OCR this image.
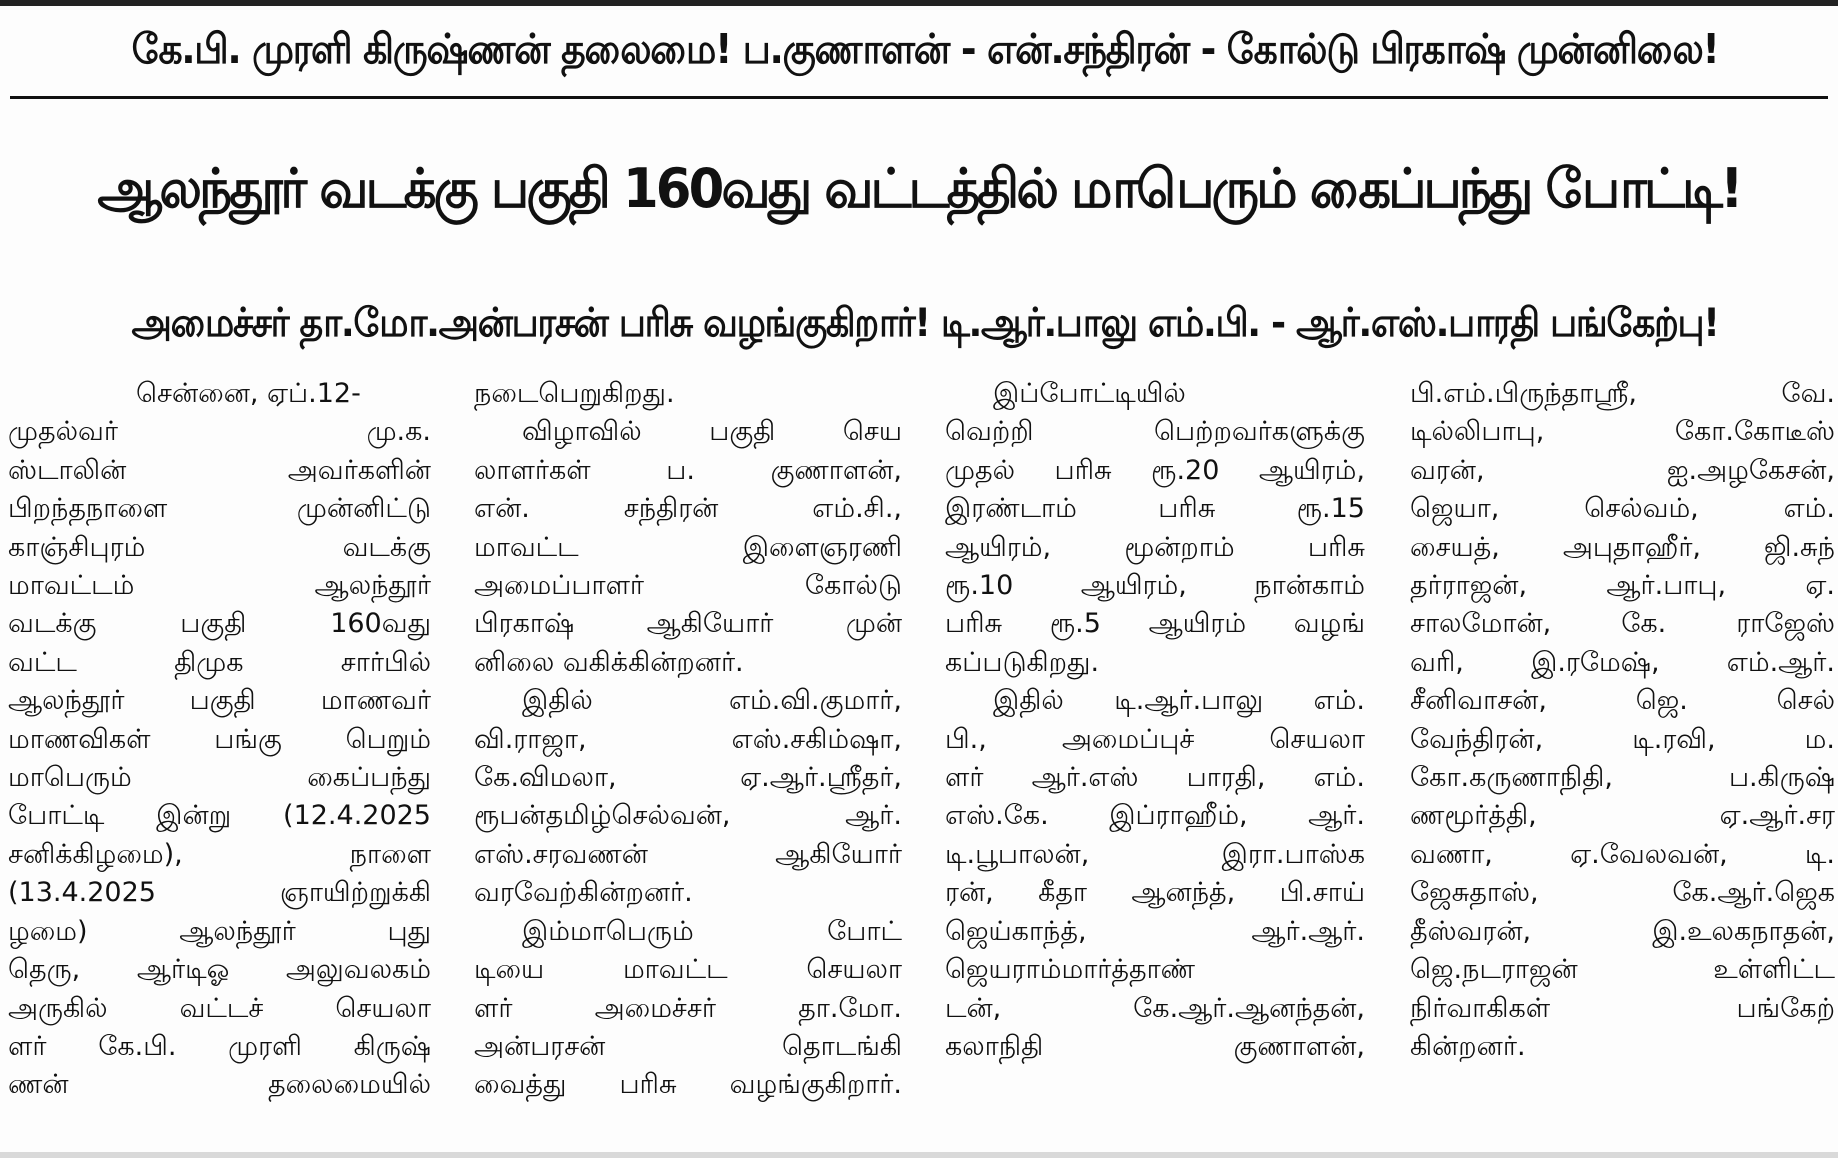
கே.பி. முரளி கிருஷ்ணன் தலைமை! ப.குணாளன் - என்.சந்திரன் - கோல்டு பிரகாஷ் முன்னிலை!
ஆலந்தூர் வடக்கு பகுதி 160வது வட்டத்தில் மாபெரும் கைப்பந்து போட்டி!
அமைச்சர் தா.மோ.அன்பரசன் பரிசு வழங்குகிறார்! டி.ஆர்.பாலு எம்.பி. - ஆர்.எஸ்.பாரதி பங்கேற்பு!
சென்னை, ஏப்.12-
முதல்வர் மு.க.
ஸ்டாலின் அவர்களின்
பிறந்தநாளை முன்னிட்டு
காஞ்சிபுரம் வடக்கு
மாவட்டம் ஆலந்தூர்
வடக்கு பகுதி 160வது
வட்ட திமுக சார்பில்
ஆலந்தூர் பகுதி மாணவர்
மாணவிகள் பங்கு பெறும்
மாபெரும் கைப்பந்து
போட்டி இன்று (12.4.2025
சனிக்கிழமை), நாளை
(13.4.2025 ஞாயிற்றுக்கி
ழமை) ஆலந்தூர் புது
தெரு, ஆர்டிஓ அலுவலகம்
அருகில் வட்டச் செயலா
ளர் கே.பி. முரளி கிருஷ்
ணன் தலைமையில்
நடைபெறுகிறது.
விழாவில் பகுதி செய
லாளர்கள் ப. குணாளன்,
என். சந்திரன் எம்.சி.,
மாவட்ட இளைஞரணி
அமைப்பாளர் கோல்டு
பிரகாஷ் ஆகியோர் முன்
னிலை வகிக்கின்றனர்.
இதில் எம்.வி.குமார்,
வி.ராஜா, எஸ்.சகிம்ஷா,
கே.விமலா, ஏ.ஆர்.ஸ்ரீதர்,
ரூபன்தமிழ்செல்வன், ஆர்.
எஸ்.சரவணன் ஆகியோர்
வரவேற்கின்றனர்.
இம்மாபெரும் போட்
டியை மாவட்ட செயலா
ளர் அமைச்சர் தா.மோ.
அன்பரசன் தொடங்கி
வைத்து பரிசு வழங்குகிறார்.
இப்போட்டியில்
வெற்றி பெற்றவர்களுக்கு
முதல் பரிசு ரூ.20 ஆயிரம்,
இரண்டாம் பரிசு ரூ.15
ஆயிரம், மூன்றாம் பரிசு
ரூ.10 ஆயிரம், நான்காம்
பரிசு ரூ.5 ஆயிரம் வழங்
கப்படுகிறது.
இதில் டி.ஆர்.பாலு எம்.
பி., அமைப்புச் செயலா
ளர் ஆர்.எஸ் பாரதி, எம்.
எஸ்.கே. இப்ராஹீம், ஆர்.
டி.பூபாலன், இரா.பாஸ்க
ரன், கீதா ஆனந்த், பி.சாய்
ஜெய்காந்த், ஆர்.ஆர்.
ஜெயராம்மார்த்தாண்
டன், கே.ஆர்.ஆனந்தன்,
கலாநிதி குணாளன்,
பி.எம்.பிருந்தாஸ்ரீ, வே.
டில்லிபாபு, கோ.கோடீஸ்
வரன், ஐ.அழகேசன்,
ஜெயா, செல்வம், எம்.
சையத், அபுதாஹீர், ஜி.சுந்
தர்ராஜன், ஆர்.பாபு, ஏ.
சாலமோன், கே. ராஜேஸ்
வரி, இ.ரமேஷ், எம்.ஆர்.
சீனிவாசன், ஜெ. செல்
வேந்திரன், டி.ரவி, ம.
கோ.கருணாநிதி, ப.கிருஷ்
ணமூர்த்தி, ஏ.ஆர்.சர
வணா, ஏ.வேலவன், டி.
ஜேசுதாஸ், கே.ஆர்.ஜெக
தீஸ்வரன், இ.உலகநாதன்,
ஜெ.நடராஜன் உள்ளிட்ட
நிர்வாகிகள் பங்கேற்
கின்றனர்.
